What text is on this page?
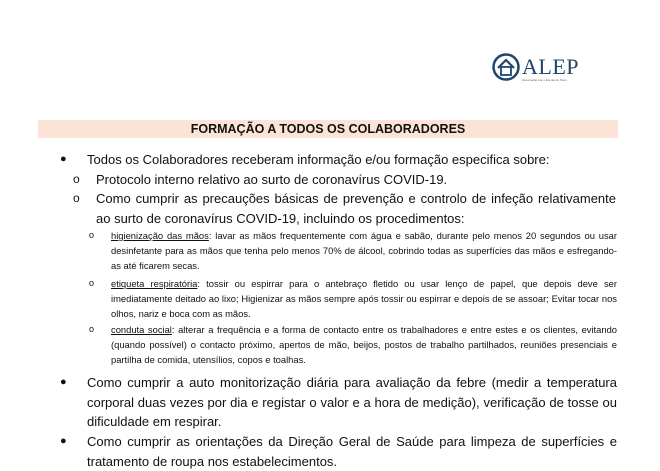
ALEP
Associação Lar e Escola de Paço
FORMAÇÃO A TODOS OS COLABORADORES
● Todos os Colaboradores receberam informação e/ou formação especifica sobre:
o Protocolo interno relativo ao surto de coronavírus COVID-19.
o Como cumprir as precauções básicas de prevenção e controlo de infeção relativamente ao surto de coronavírus COVID-19, incluindo os procedimentos:
o higienização das mãos: lavar as mãos frequentemente com água e sabão, durante pelo menos 20 segundos ou usar desinfetante para as mãos que tenha pelo menos 70% de álcool, cobrindo todas as superfícies das mãos e esfregando-as até ficarem secas.
o etiqueta respiratória: tossir ou espirrar para o antebraço fletido ou usar lenço de papel, que depois deve ser imediatamente deitado ao lixo; Higienizar as mãos sempre após tossir ou espirrar e depois de se assoar; Evitar tocar nos olhos, nariz e boca com as mãos.
o conduta social: alterar a frequência e a forma de contacto entre os trabalhadores e entre estes e os clientes, evitando (quando possível) o contacto próximo, apertos de mão, beijos, postos de trabalho partilhados, reuniões presenciais e partilha de comida, utensílios, copos e toalhas.
● Como cumprir a auto monitorização diária para avaliação da febre (medir a temperatura corporal duas vezes por dia e registar o valor e a hora de medição), verificação de tosse ou dificuldade em respirar.
● Como cumprir as orientações da Direção Geral de Saúde para limpeza de superfícies e tratamento de roupa nos estabelecimentos.
